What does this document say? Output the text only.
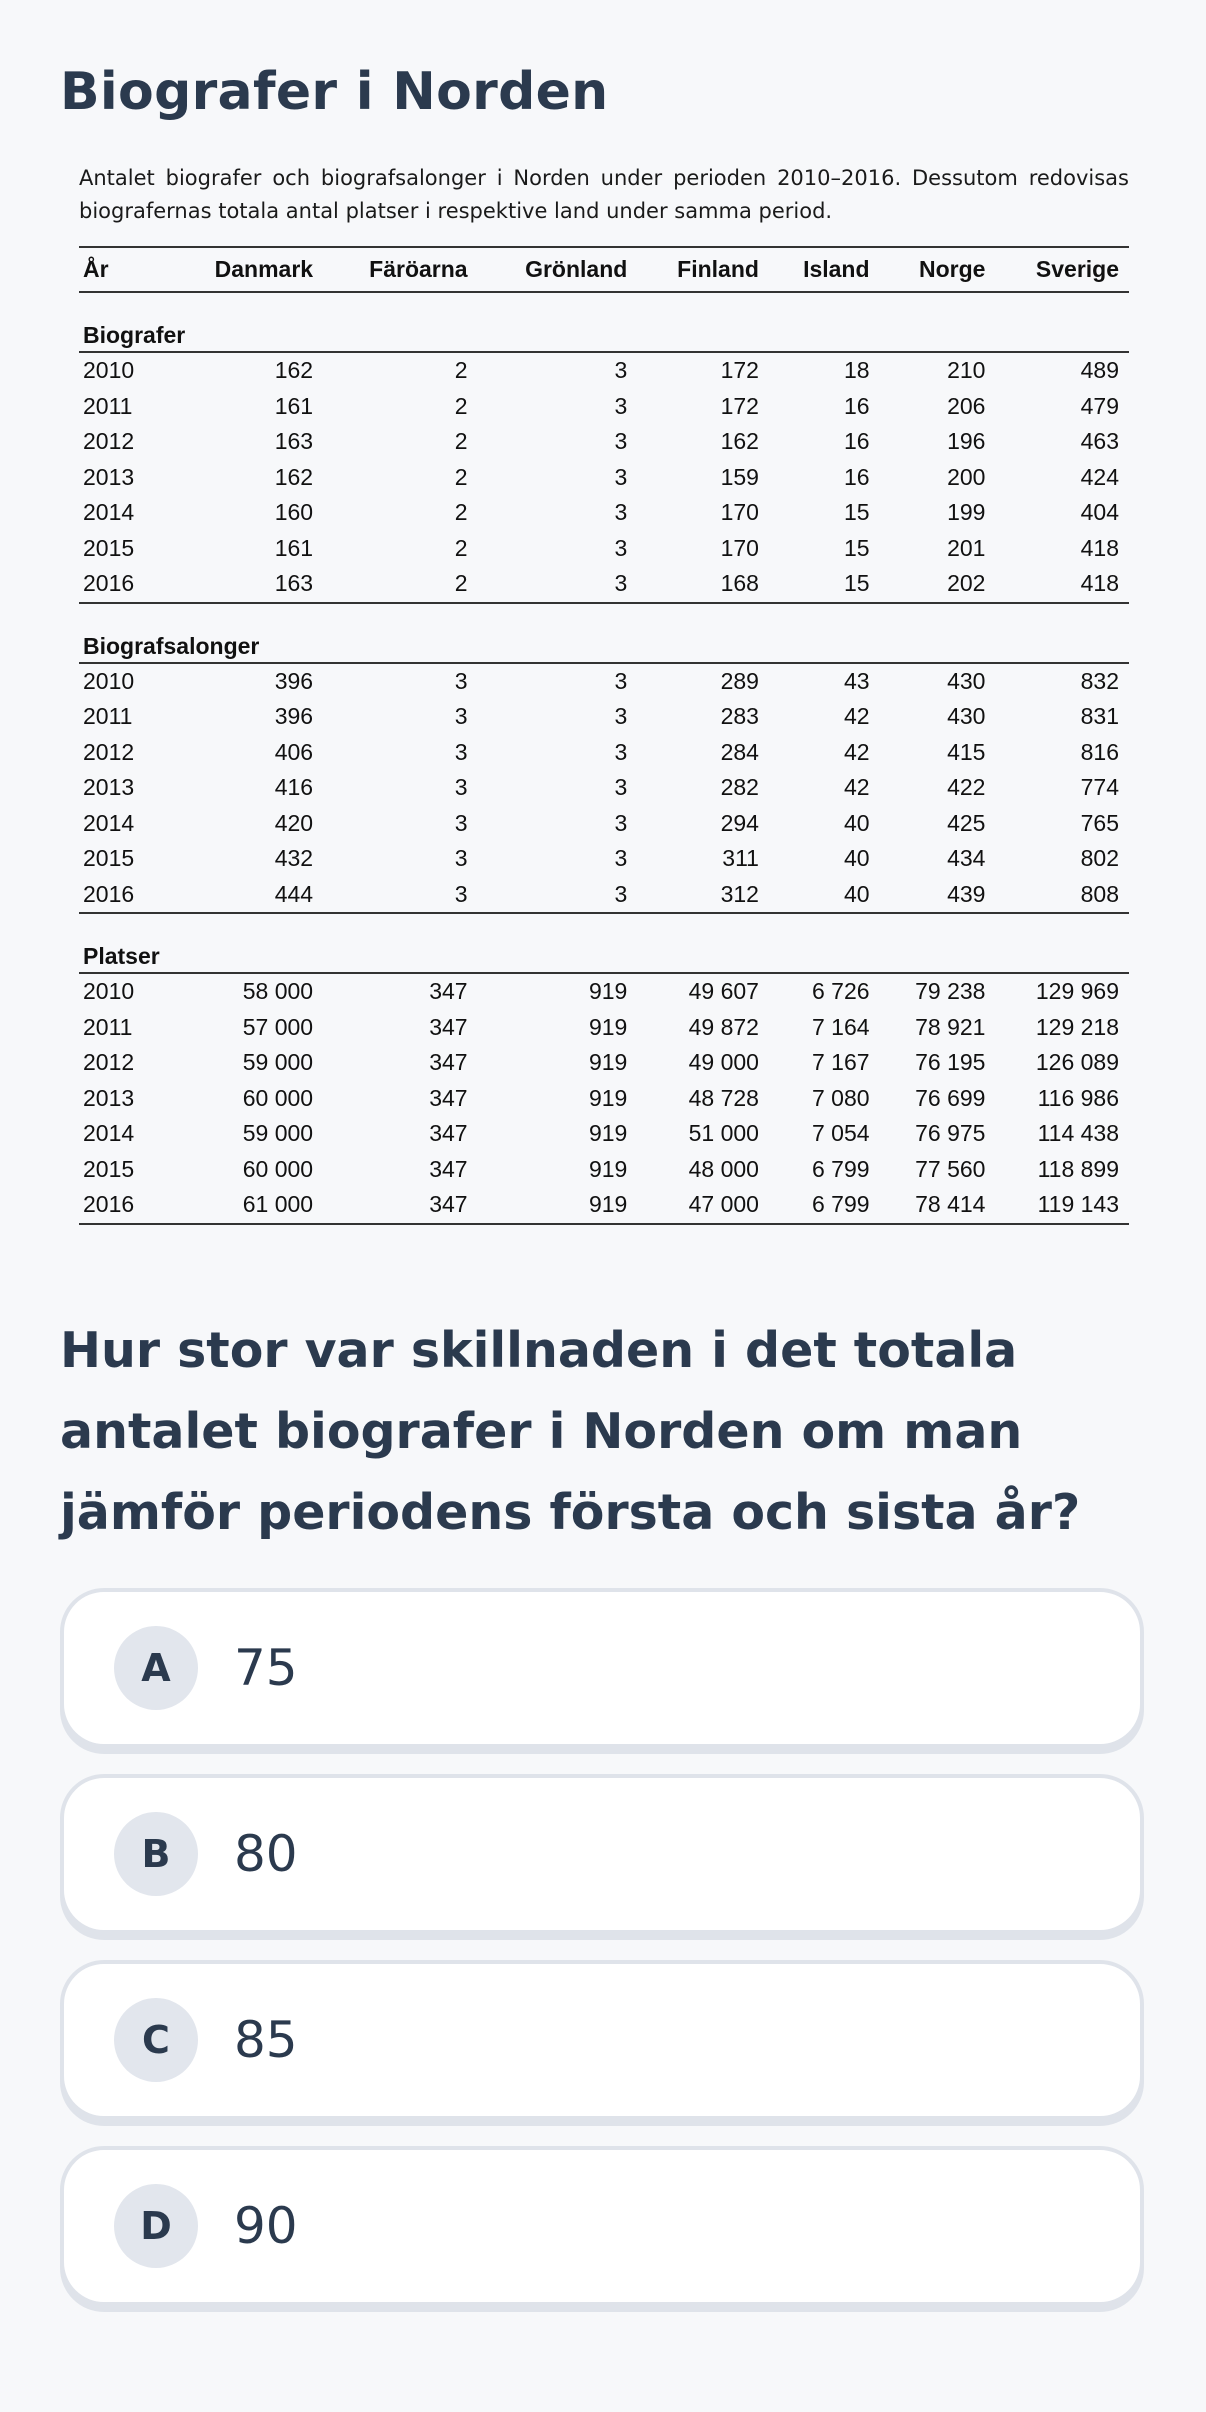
Biografer i Norden

Antalet biografer och biografsalonger i Norden under perioden 2010–2016. Dessutom redovisas biografernas totala antal platser i respektive land under samma period.

År	Danmark	Färöarna	Grönland	Finland	Island	Norge	Sverige
Biografer							
2010	162	2	3	172	18	210	489
2011	161	2	3	172	16	206	479
2012	163	2	3	162	16	196	463
2013	162	2	3	159	16	200	424
2014	160	2	3	170	15	199	404
2015	161	2	3	170	15	201	418
2016	163	2	3	168	15	202	418
Biografsalonger							
2010	396	3	3	289	43	430	832
2011	396	3	3	283	42	430	831
2012	406	3	3	284	42	415	816
2013	416	3	3	282	42	422	774
2014	420	3	3	294	40	425	765
2015	432	3	3	311	40	434	802
2016	444	3	3	312	40	439	808
Platser							
2010	58 000	347	919	49 607	6 726	79 238	129 969
2011	57 000	347	919	49 872	7 164	78 921	129 218
2012	59 000	347	919	49 000	7 167	76 195	126 089
2013	60 000	347	919	48 728	7 080	76 699	116 986
2014	59 000	347	919	51 000	7 054	76 975	114 438
2015	60 000	347	919	48 000	6 799	77 560	118 899
2016	61 000	347	919	47 000	6 799	78 414	119 143

Hur stor var skillnaden i det totala antalet biografer i Norden om man jämför periodens första och sista år?

A	75
B	80
C	85
D	90
